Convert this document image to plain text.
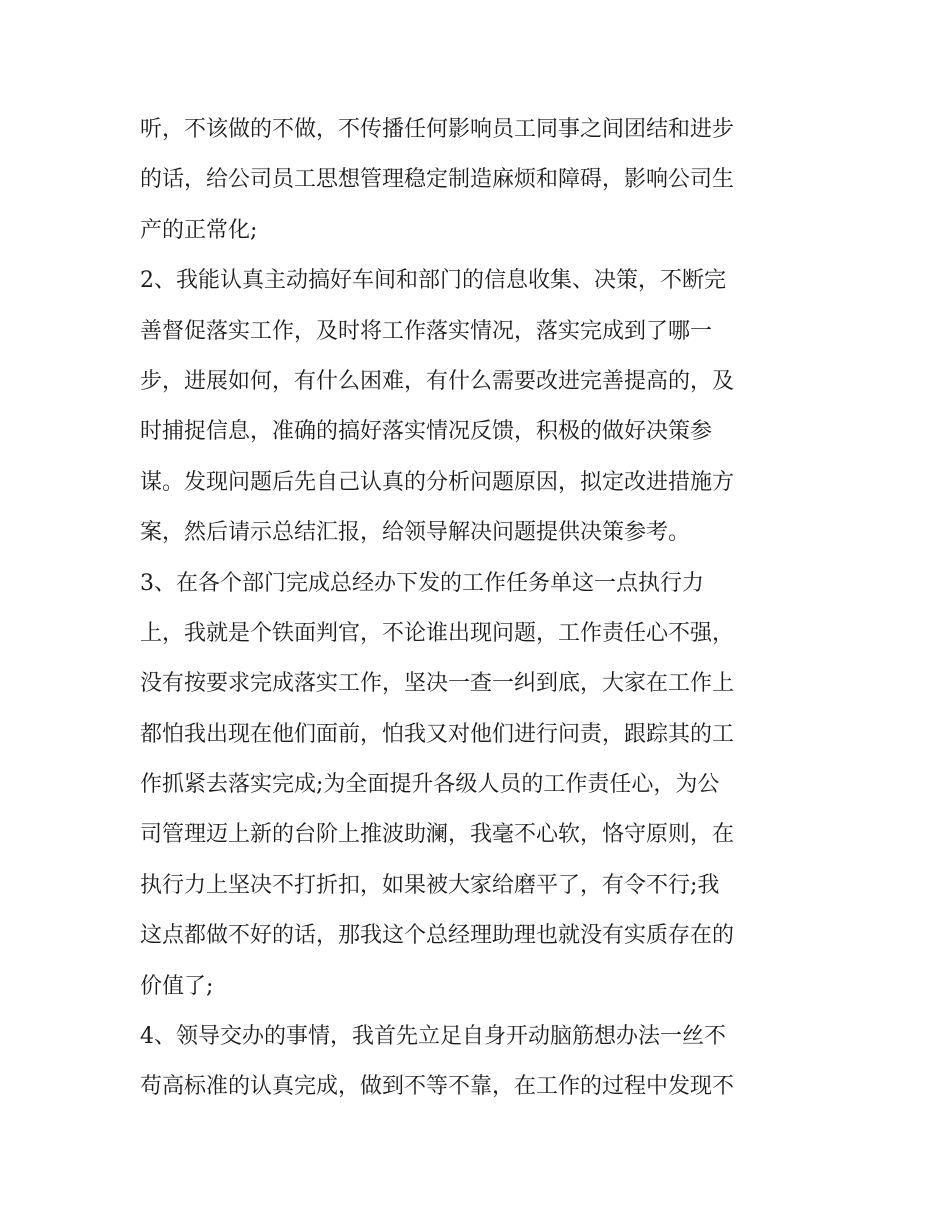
听，不该做的不做，不传播任何影响员工同事之间团结和进步
的话，给公司员工思想管理稳定制造麻烦和障碍，影响公司生
产的正常化;
2、我能认真主动搞好车间和部门的信息收集、决策，不断完
善督促落实工作，及时将工作落实情况，落实完成到了哪一
步，进展如何，有什么困难，有什么需要改进完善提高的，及
时捕捉信息，准确的搞好落实情况反馈，积极的做好决策参
谋。发现问题后先自己认真的分析问题原因，拟定改进措施方
案，然后请示总结汇报，给领导解决问题提供决策参考。
3、在各个部门完成总经办下发的工作任务单这一点执行力
上，我就是个铁面判官，不论谁出现问题，工作责任心不强，
没有按要求完成落实工作，坚决一查一纠到底，大家在工作上
都怕我出现在他们面前，怕我又对他们进行问责，跟踪其的工
作抓紧去落实完成;为全面提升各级人员的工作责任心，为公
司管理迈上新的台阶上推波助澜，我毫不心软，恪守原则，在
执行力上坚决不打折扣，如果被大家给磨平了，有令不行;我
这点都做不好的话，那我这个总经理助理也就没有实质存在的
价值了;
4、领导交办的事情，我首先立足自身开动脑筋想办法一丝不
苟高标准的认真完成，做到不等不靠，在工作的过程中发现不
